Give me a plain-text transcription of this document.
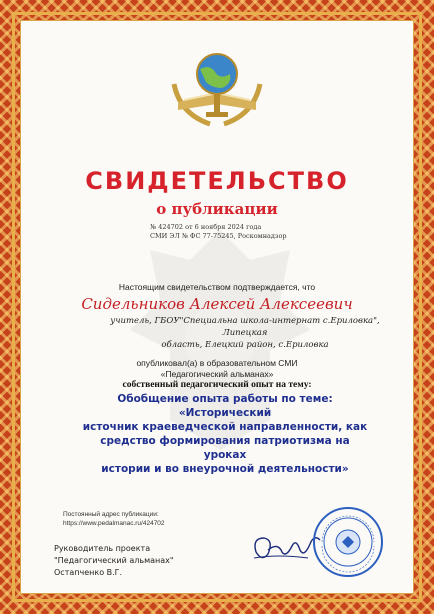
СВИДЕТЕЛЬСТВО
о публикации
№ 424702 от 6 ноября 2024 года
СМИ ЭЛ № ФС 77-75245, Роскомнадзор
Настоящим свидетельством подтверждается, что
Сидельников Алексей Алексеевич
учитель, ГБОУ"Специальна школа-интернат с.Ериловка", Липецкая
область, Елецкий район, с.Ериловка
опубликовал(а) в образовательном СМИ
«Педагогический альманах»
собственный педагогический опыт на тему:
Обобщение опыта работы по теме: «Исторический
источник краеведческой направленности, как
средство формирования патриотизма на уроках
истории и во внеурочной деятельности»
Постоянный адрес публикации:
https://www.pedalmanac.ru/424702
Руководитель проекта
"Педагогический альманах"
Остапченко В.Г.
